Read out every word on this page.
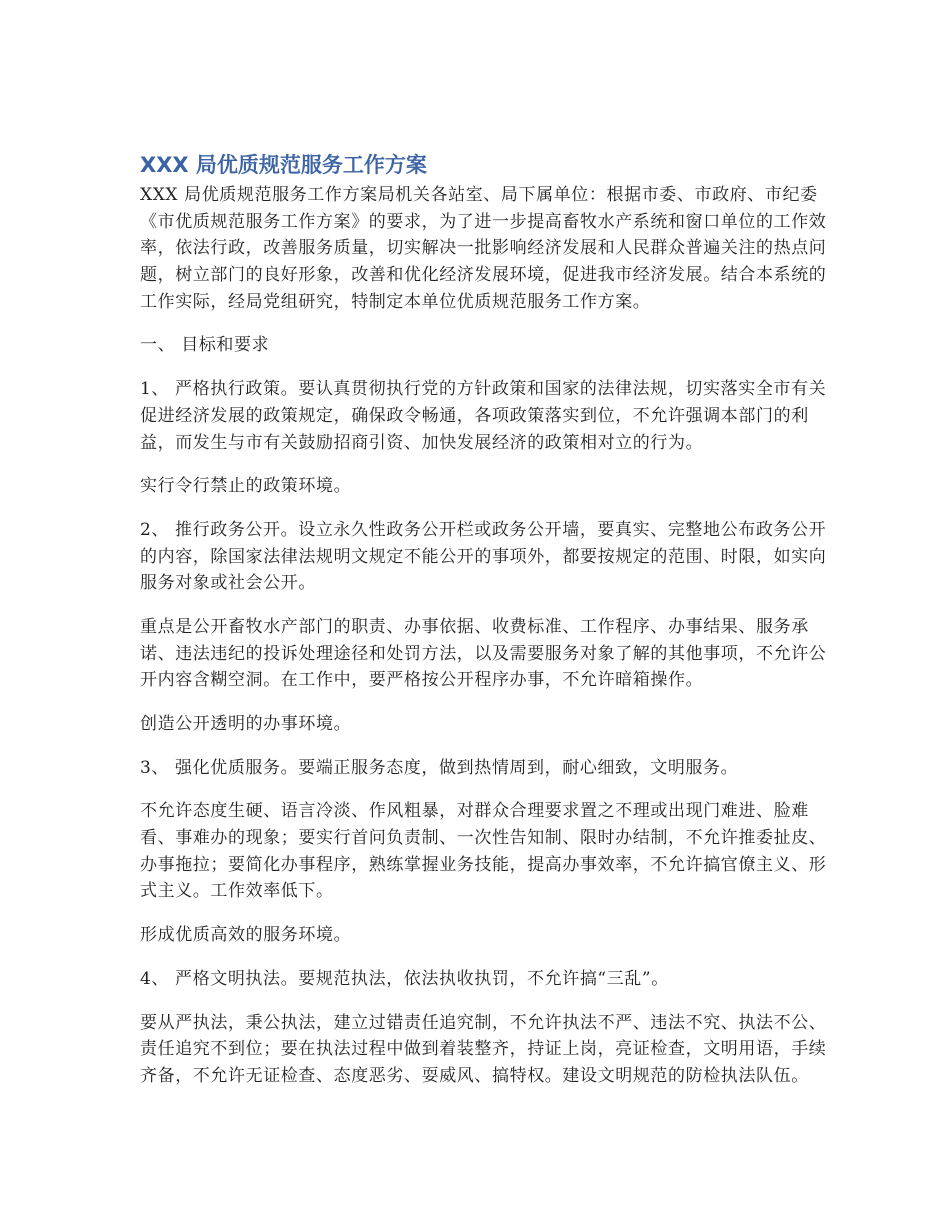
XXX 局优质规范服务工作方案
XXX 局优质规范服务工作方案局机关各站室、局下属单位：根据市委、市政府、市纪委
《市优质规范服务工作方案》的要求，为了进一步提高畜牧水产系统和窗口单位的工作效
率，依法行政，改善服务质量，切实解决一批影响经济发展和人民群众普遍关注的热点问
题，树立部门的良好形象，改善和优化经济发展环境，促进我市经济发展。结合本系统的
工作实际，经局党组研究，特制定本单位优质规范服务工作方案。
一、 目标和要求
1、 严格执行政策。要认真贯彻执行党的方针政策和国家的法律法规，切实落实全市有关
促进经济发展的政策规定，确保政令畅通，各项政策落实到位，不允许强调本部门的利
益，而发生与市有关鼓励招商引资、加快发展经济的政策相对立的行为。
实行令行禁止的政策环境。
2、 推行政务公开。设立永久性政务公开栏或政务公开墙，要真实、完整地公布政务公开
的内容，除国家法律法规明文规定不能公开的事项外，都要按规定的范围、时限，如实向
服务对象或社会公开。
重点是公开畜牧水产部门的职责、办事依据、收费标准、工作程序、办事结果、服务承
诺、违法违纪的投诉处理途径和处罚方法，以及需要服务对象了解的其他事项，不允许公
开内容含糊空洞。在工作中，要严格按公开程序办事，不允许暗箱操作。
创造公开透明的办事环境。
3、 强化优质服务。要端正服务态度，做到热情周到，耐心细致，文明服务。
不允许态度生硬、语言冷淡、作风粗暴，对群众合理要求置之不理或出现门难进、脸难
看、事难办的现象；要实行首问负责制、一次性告知制、限时办结制，不允许推委扯皮、
办事拖拉；要简化办事程序，熟练掌握业务技能，提高办事效率，不允许搞官僚主义、形
式主义。工作效率低下。
形成优质高效的服务环境。
4、 严格文明执法。要规范执法，依法执收执罚，不允许搞“三乱”。
要从严执法，秉公执法，建立过错责任追究制，不允许执法不严、违法不究、执法不公、
责任追究不到位；要在执法过程中做到着装整齐，持证上岗，亮证检查，文明用语，手续
齐备，不允许无证检查、态度恶劣、耍威风、搞特权。建设文明规范的防检执法队伍。
